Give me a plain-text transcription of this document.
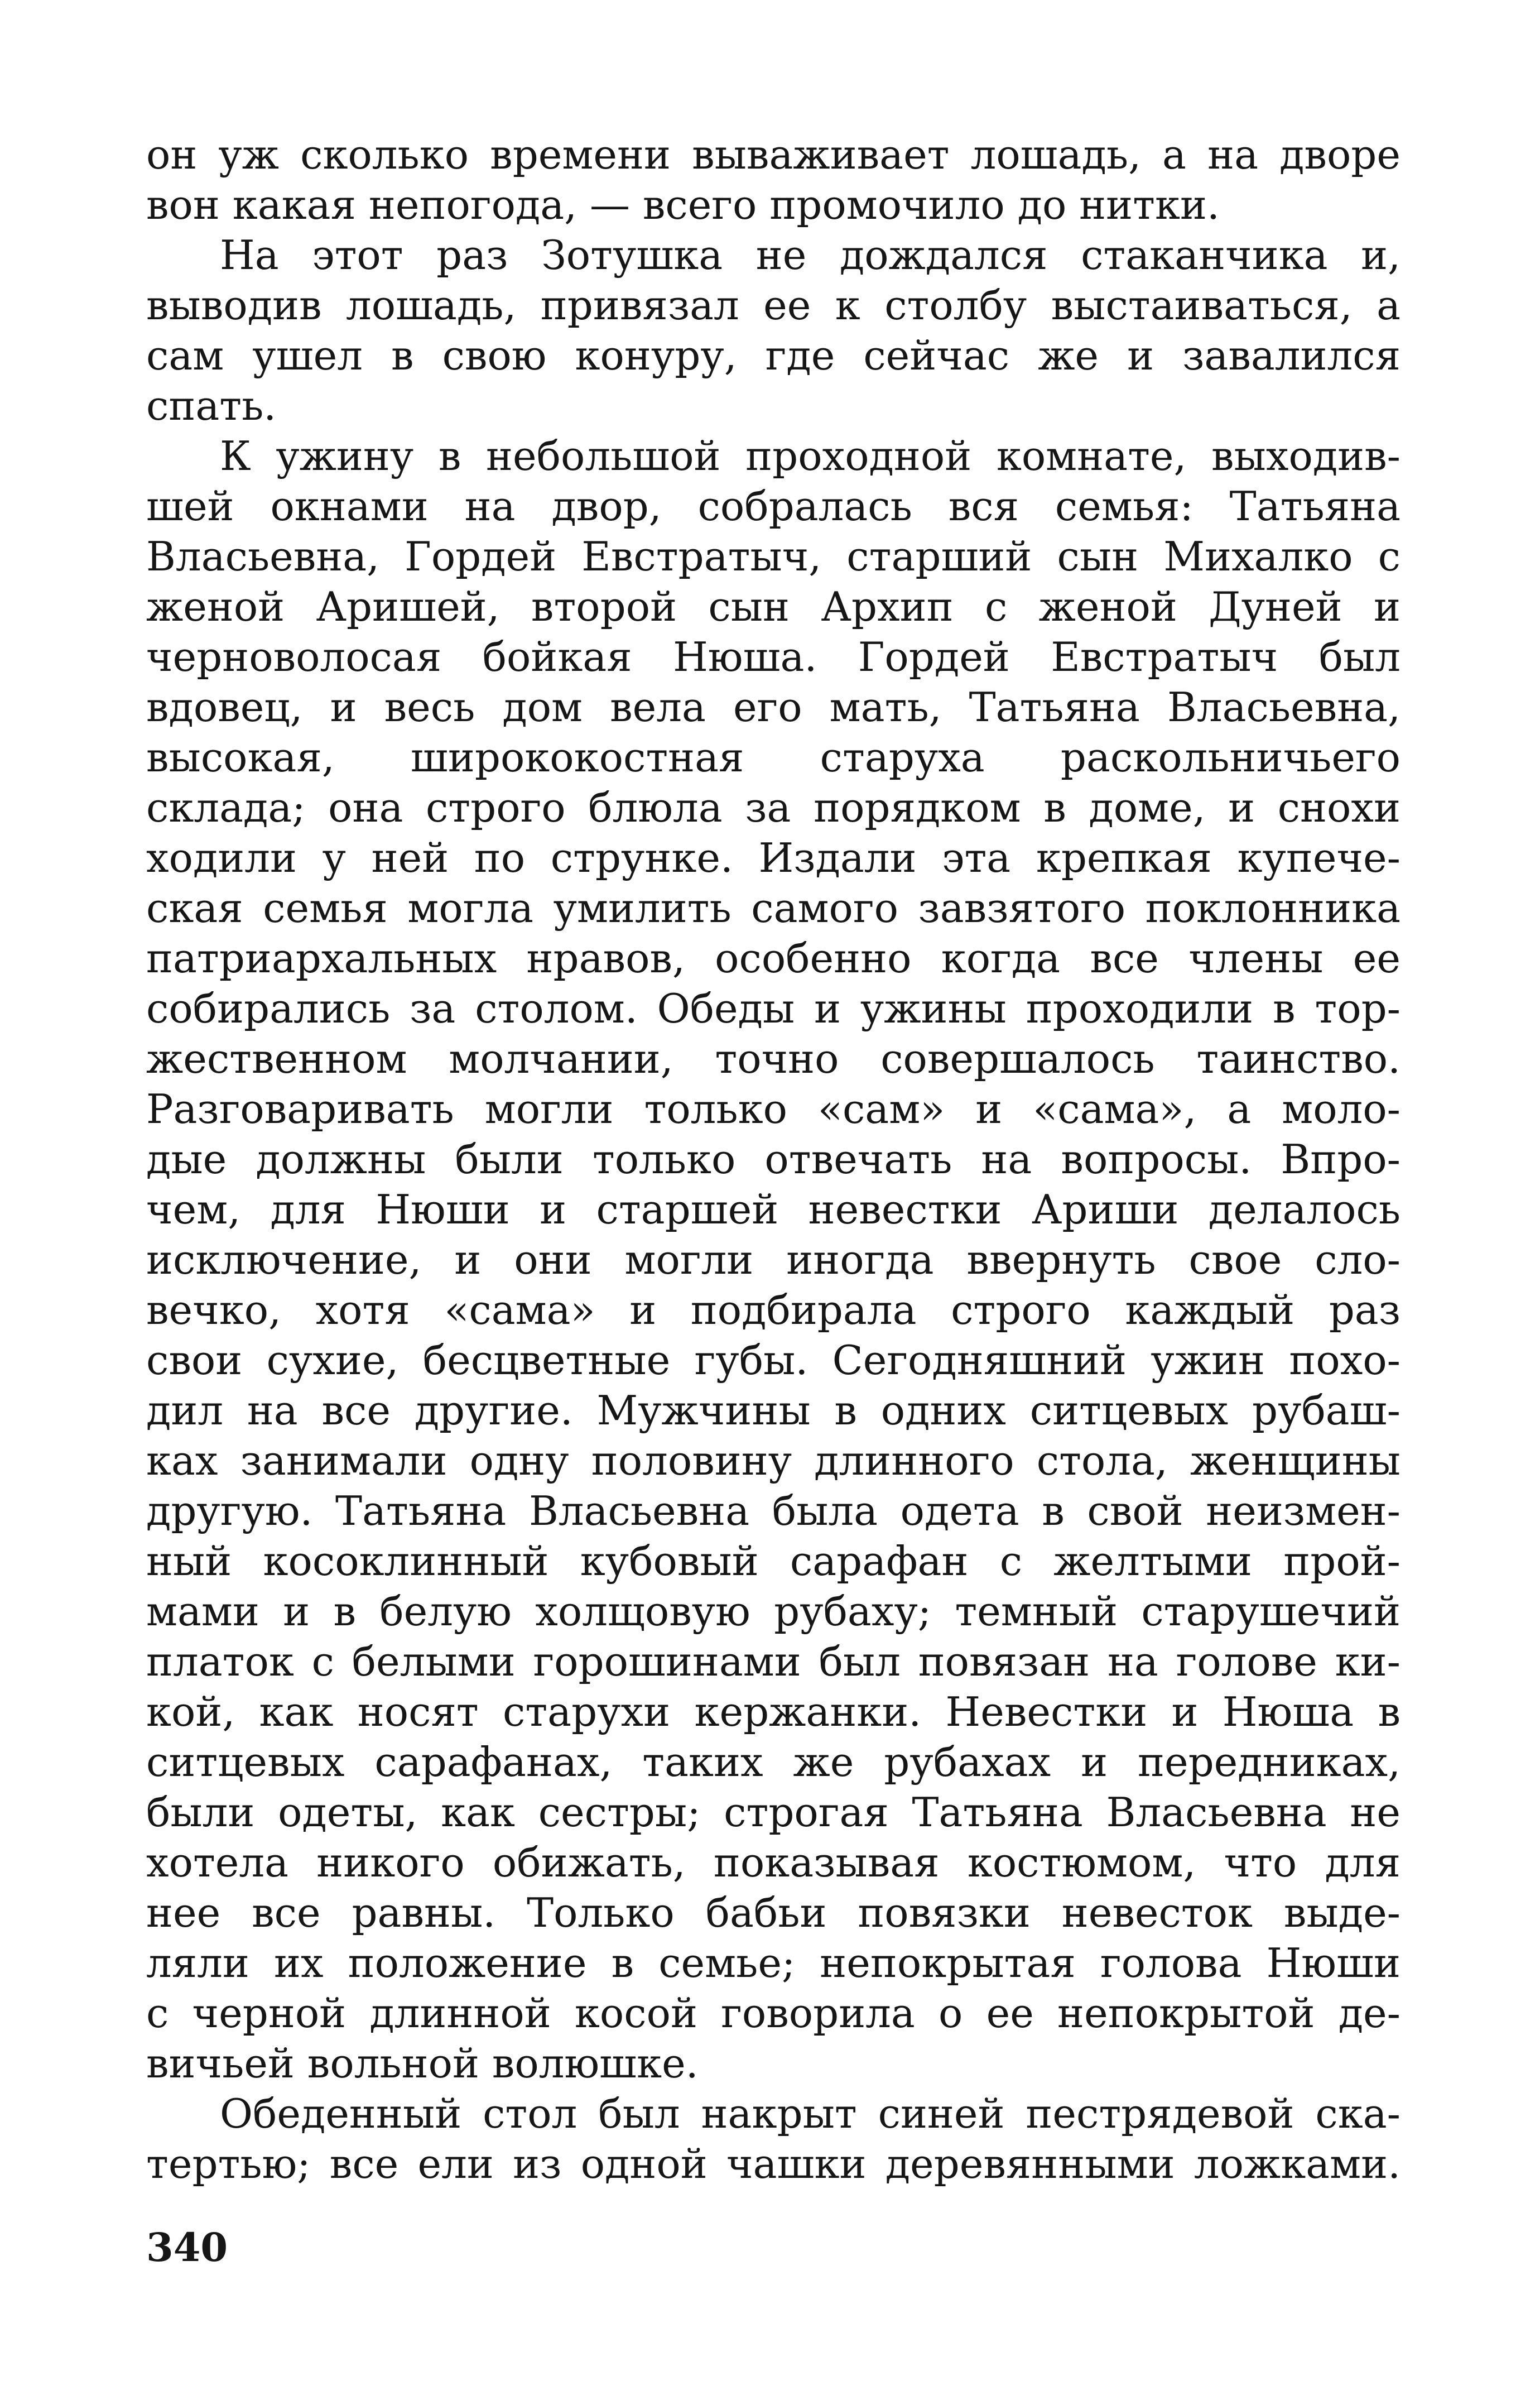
он уж сколько времени вываживает лошадь, а на дворе
вон какая непогода, — всего промочило до нитки.
На этот раз Зотушка не дождался стаканчика и,
выводив лошадь, привязал ее к столбу выстаиваться, а
сам ушел в свою конуру, где сейчас же и завалился
спать.
К ужину в небольшой проходной комнате, выходив-
шей окнами на двор, собралась вся семья: Татьяна
Власьевна, Гордей Евстратыч, старший сын Михалко с
женой Аришей, второй сын Архип с женой Дуней и
черноволосая бойкая Нюша. Гордей Евстратыч был
вдовец, и весь дом вела его мать, Татьяна Власьевна,
высокая, ширококостная старуха раскольничьего
склада; она строго блюла за порядком в доме, и снохи
ходили у ней по струнке. Издали эта крепкая купече-
ская семья могла умилить самого завзятого поклонника
патриархальных нравов, особенно когда все члены ее
собирались за столом. Обеды и ужины проходили в тор-
жественном молчании, точно совершалось таинство.
Разговаривать могли только «сам» и «сама», а моло-
дые должны были только отвечать на вопросы. Впро-
чем, для Нюши и старшей невестки Ариши делалось
исключение, и они могли иногда ввернуть свое сло-
вечко, хотя «сама» и подбирала строго каждый раз
свои сухие, бесцветные губы. Сегодняшний ужин похо-
дил на все другие. Мужчины в одних ситцевых рубаш-
ках занимали одну половину длинного стола, женщины
другую. Татьяна Власьевна была одета в свой неизмен-
ный косоклинный кубовый сарафан с желтыми прой-
мами и в белую холщовую рубаху; темный старушечий
платок с белыми горошинами был повязан на голове ки-
кой, как носят старухи кержанки. Невестки и Нюша в
ситцевых сарафанах, таких же рубахах и передниках,
были одеты, как сестры; строгая Татьяна Власьевна не
хотела никого обижать, показывая костюмом, что для
нее все равны. Только бабьи повязки невесток выде-
ляли их положение в семье; непокрытая голова Нюши
с черной длинной косой говорила о ее непокрытой де-
вичьей вольной волюшке.
Обеденный стол был накрыт синей пестрядевой ска-
тертью; все ели из одной чашки деревянными ложками.
340
